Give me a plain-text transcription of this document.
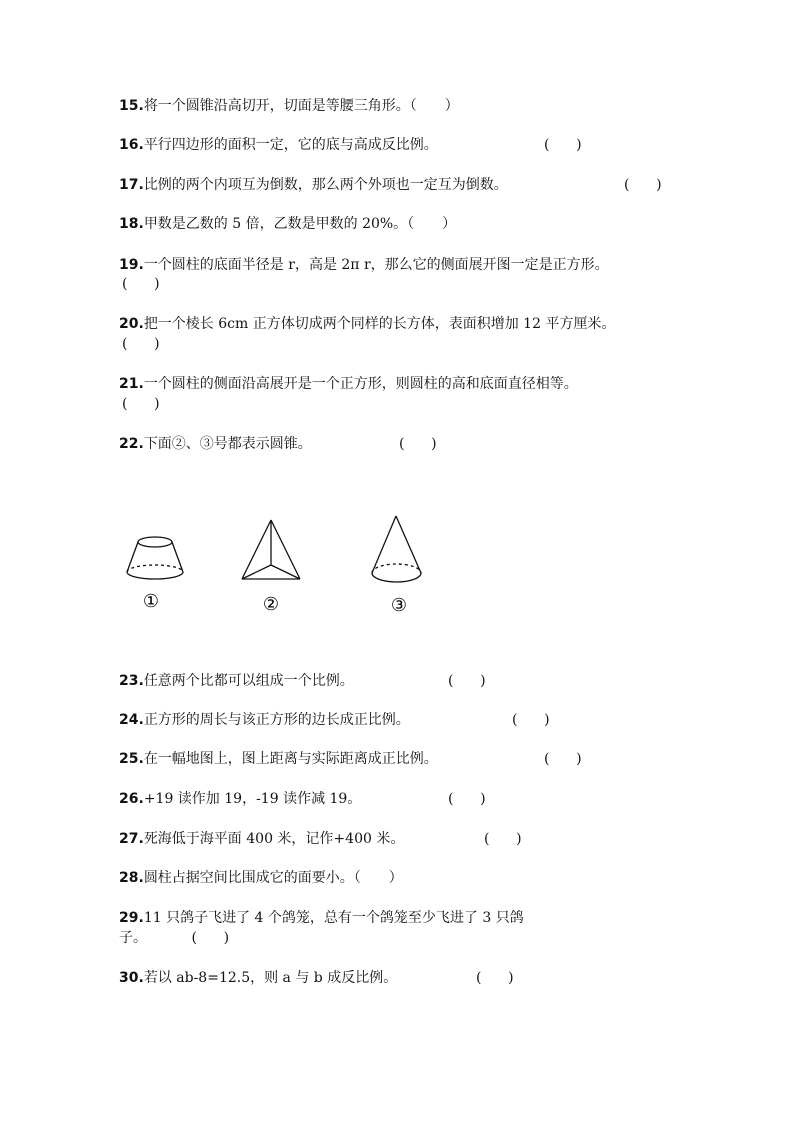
15.将一个圆锥沿高切开，切面是等腰三角形。（　　）
16.平行四边形的面积一定，它的底与高成反比例。	(      )
17.比例的两个内项互为倒数，那么两个外项也一定互为倒数。	(      )
18.甲数是乙数的 5 倍，乙数是甲数的 20%。（　　）
19.一个圆柱的底面半径是 r，高是 2π r，那么它的侧面展开图一定是正方形。
(      )
20.把一个棱长 6cm 正方体切成两个同样的长方体，表面积增加 12 平方厘米。
(      )
21.一个圆柱的侧面沿高展开是一个正方形，则圆柱的高和底面直径相等。
(      )
22.下面②、③号都表示圆锥。	(      )
①	②	③
23.任意两个比都可以组成一个比例。	(      )
24.正方形的周长与该正方形的边长成正比例。	(      )
25.在一幅地图上，图上距离与实际距离成正比例。	(      )
26.+19 读作加 19，-19 读作减 19。	(      )
27.死海低于海平面 400 米，记作+400 米。	(      )
28.圆柱占据空间比围成它的面要小。（　　）
29.11 只鸽子飞进了 4 个鸽笼，总有一个鸽笼至少飞进了 3 只鸽
子。          (      )
30.若以 ab-8=12.5，则 a 与 b 成反比例。	(      )
